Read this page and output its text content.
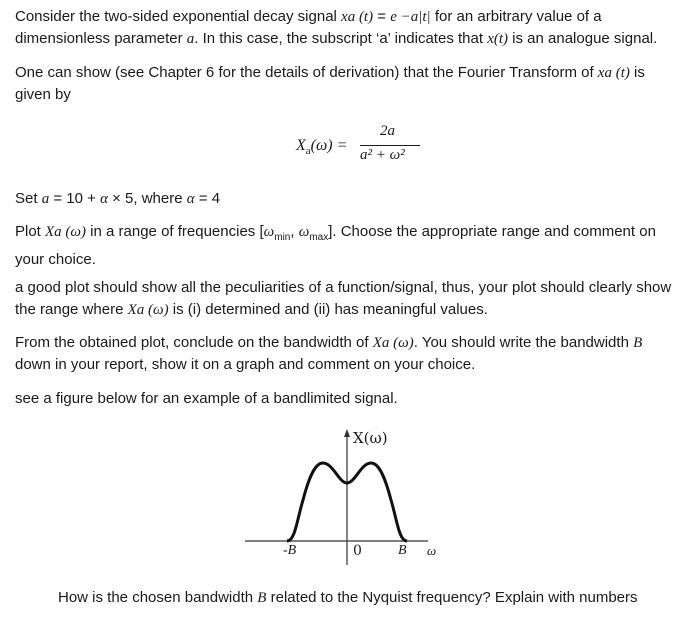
Consider the two-sided exponential decay signal xa (t) = e −a|t| for an arbitrary value of a

dimensionless parameter a. In this case, the subscript ‘a’ indicates that x(t) is an analogue signal.

One can show (see Chapter 6 for the details of derivation) that the Fourier Transform of xa (t) is

given by

$X_a(\omega)$ =
2a
a² + ω²

Set a = 10 + α × 5, where α = 4

Plot Xa (ω) in a range of frequencies [$\omega_{min}$, $\omega_{max}$]. Choose the appropriate range and comment on

your choice.

a good plot should show all the peculiarities of a function/signal, thus, your plot should clearly show

the range where Xa (ω) is (i) determined and (ii) has meaningful values.

From the obtained plot, conclude on the bandwidth of Xa (ω). You should write the bandwidth B

down in your report, show it on a graph and comment on your choice.

see a figure below for an example of a bandlimited signal.

X(ω)
-B	0	B ω
How is the chosen bandwidth B related to the Nyquist frequency? Explain with numbers
